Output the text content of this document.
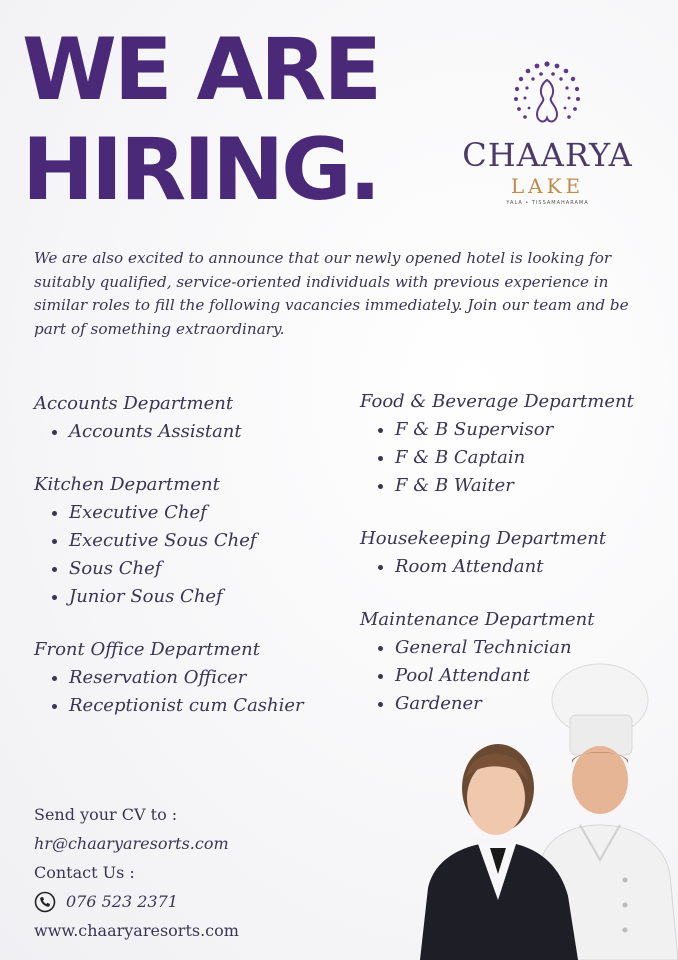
WE ARE
HIRING.	CHAARYA
LAKE
YALA • TISSAMAHARAMA

We are also excited to announce that our newly opened hotel is looking for suitably qualified, service-oriented individuals with previous experience in similar roles to fill the following vacancies immediately. Join our team and be part of something extraordinary.

Accounts Department
Accounts Assistant
Kitchen Department
Executive Chef
Executive Sous Chef
Sous Chef
Junior Sous Chef
Front Office Department
Reservation Officer
Receptionist cum Cashier
Food & Beverage Department
F & B Supervisor
F & B Captain
F & B Waiter
Housekeeping Department
Room Attendant
Maintenance Department
General Technician
Pool Attendant
Gardener
Send your CV to :
hr@chaaryaresorts.com
Contact Us :
076 523 2371
www.chaaryaresorts.com
